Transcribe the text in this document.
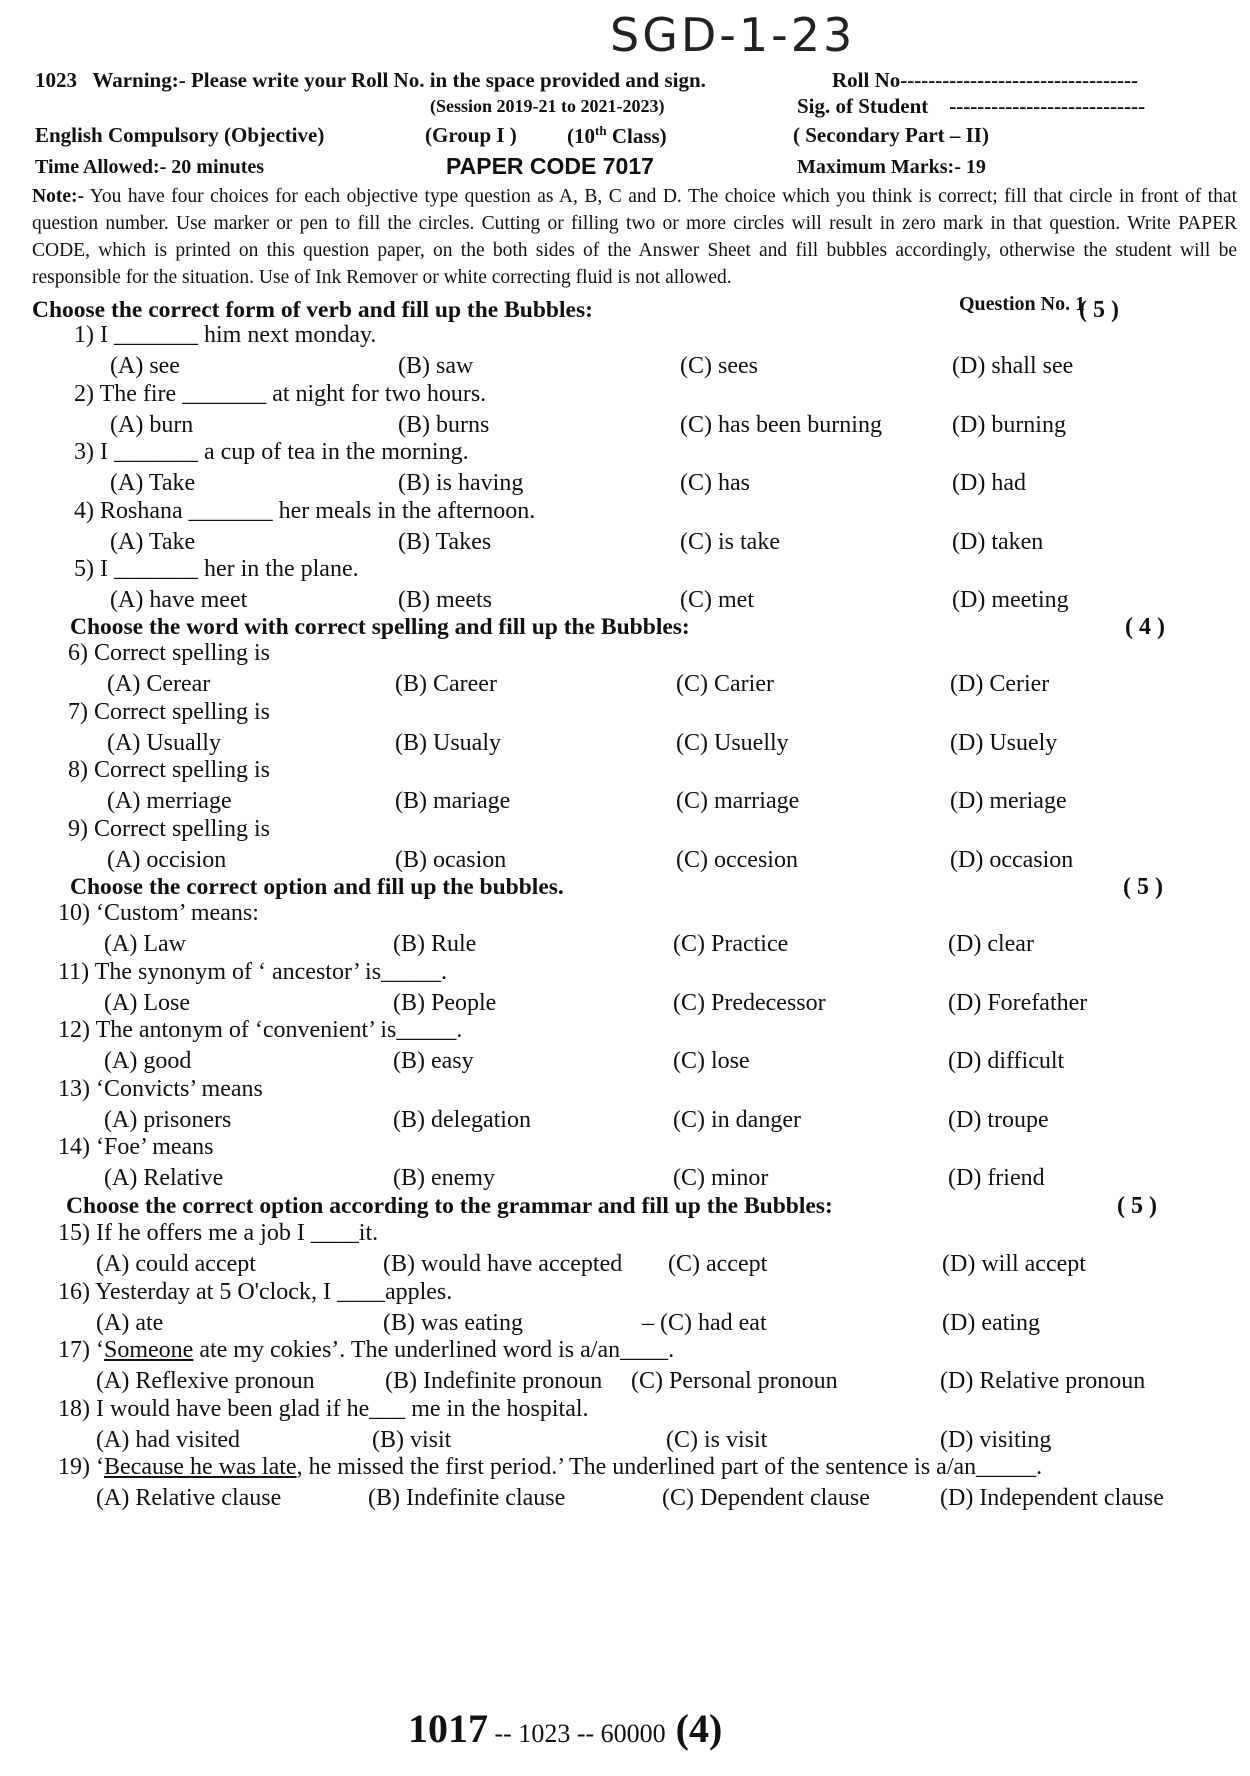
SGD-1-23
1023 Warning:- Please write your Roll No. in the space provided and sign.	Roll No----------------------------------
(Session 2019-21 to 2021-2023)	Sig. of Student ----------------------------
English Compulsory (Objective)	(Group I ) (10th Class)	( Secondary Part – II)
Time Allowed:- 20 minutes	PAPER CODE 7017	Maximum Marks:- 19
Note:- You have four choices for each objective type question as A, B, C and D. The choice which you think is correct; fill that circle in front of that question number. Use marker or pen to fill the circles. Cutting or filling two or more circles will result in zero mark in that question. Write PAPER CODE, which is printed on this question paper, on the both sides of the Answer Sheet and fill bubbles accordingly, otherwise the student will be responsible for the situation. Use of Ink Remover or white correcting fluid is not allowed.
Question No. 1
Choose the correct form of verb and fill up the Bubbles:	( 5 )
1) I _______ him next monday.
(A) see	(B) saw	(C) sees	(D) shall see
2) The fire _______ at night for two hours.
(A) burn	(B) burns	(C) has been burning	(D) burning
3) I _______ a cup of tea in the morning.
(A) Take	(B) is having	(C) has	(D) had
4) Roshana _______ her meals in the afternoon.
(A) Take	(B) Takes	(C) is take	(D) taken
5) I _______ her in the plane.
(A) have meet	(B) meets	(C) met	(D) meeting
Choose the word with correct spelling and fill up the Bubbles:	( 4 )
6) Correct spelling is
(A) Cerear	(B) Career	(C) Carier	(D) Cerier
7) Correct spelling is
(A) Usually	(B) Usualy	(C) Usuelly	(D) Usuely
8) Correct spelling is
(A) merriage	(B) mariage	(C) marriage	(D) meriage
9) Correct spelling is
(A) occision	(B) ocasion	(C) occesion	(D) occasion
Choose the correct option and fill up the bubbles.	( 5 )
10) ‘Custom’ means:
(A) Law	(B) Rule	(C) Practice	(D) clear
11) The synonym of ‘ ancestor’ is_____.
(A) Lose	(B) People	(C) Predecessor	(D) Forefather
12) The antonym of ‘convenient’ is_____.
(A) good	(B) easy	(C) lose	(D) difficult
13) ‘Convicts’ means
(A) prisoners	(B) delegation	(C) in danger	(D) troupe
14) ‘Foe’ means
(A) Relative	(B) enemy	(C) minor	(D) friend
Choose the correct option according to the grammar and fill up the Bubbles:	( 5 )
15) If he offers me a job I ____it.
(A) could accept	(B) would have accepted (C) accept	(D) will accept
16) Yesterday at 5 O'clock, I ____apples.
(A) ate	(B) was eating	– (C) had eat	(D) eating
17) ‘Someone ate my cokies’. The underlined word is a/an____.
(A) Reflexive pronoun	(B) Indefinite pronoun (C) Personal pronoun	(D) Relative pronoun
18) I would have been glad if he___ me in the hospital.
(A) had visited	(B) visit	(C) is visit	(D) visiting
19) ‘Because he was late, he missed the first period.’ The underlined part of the sentence is a/an_____.
(A) Relative clause	(B) Indefinite clause	(C) Dependent clause	(D) Independent clause
1017 -- 1023 -- 60000 (4)
